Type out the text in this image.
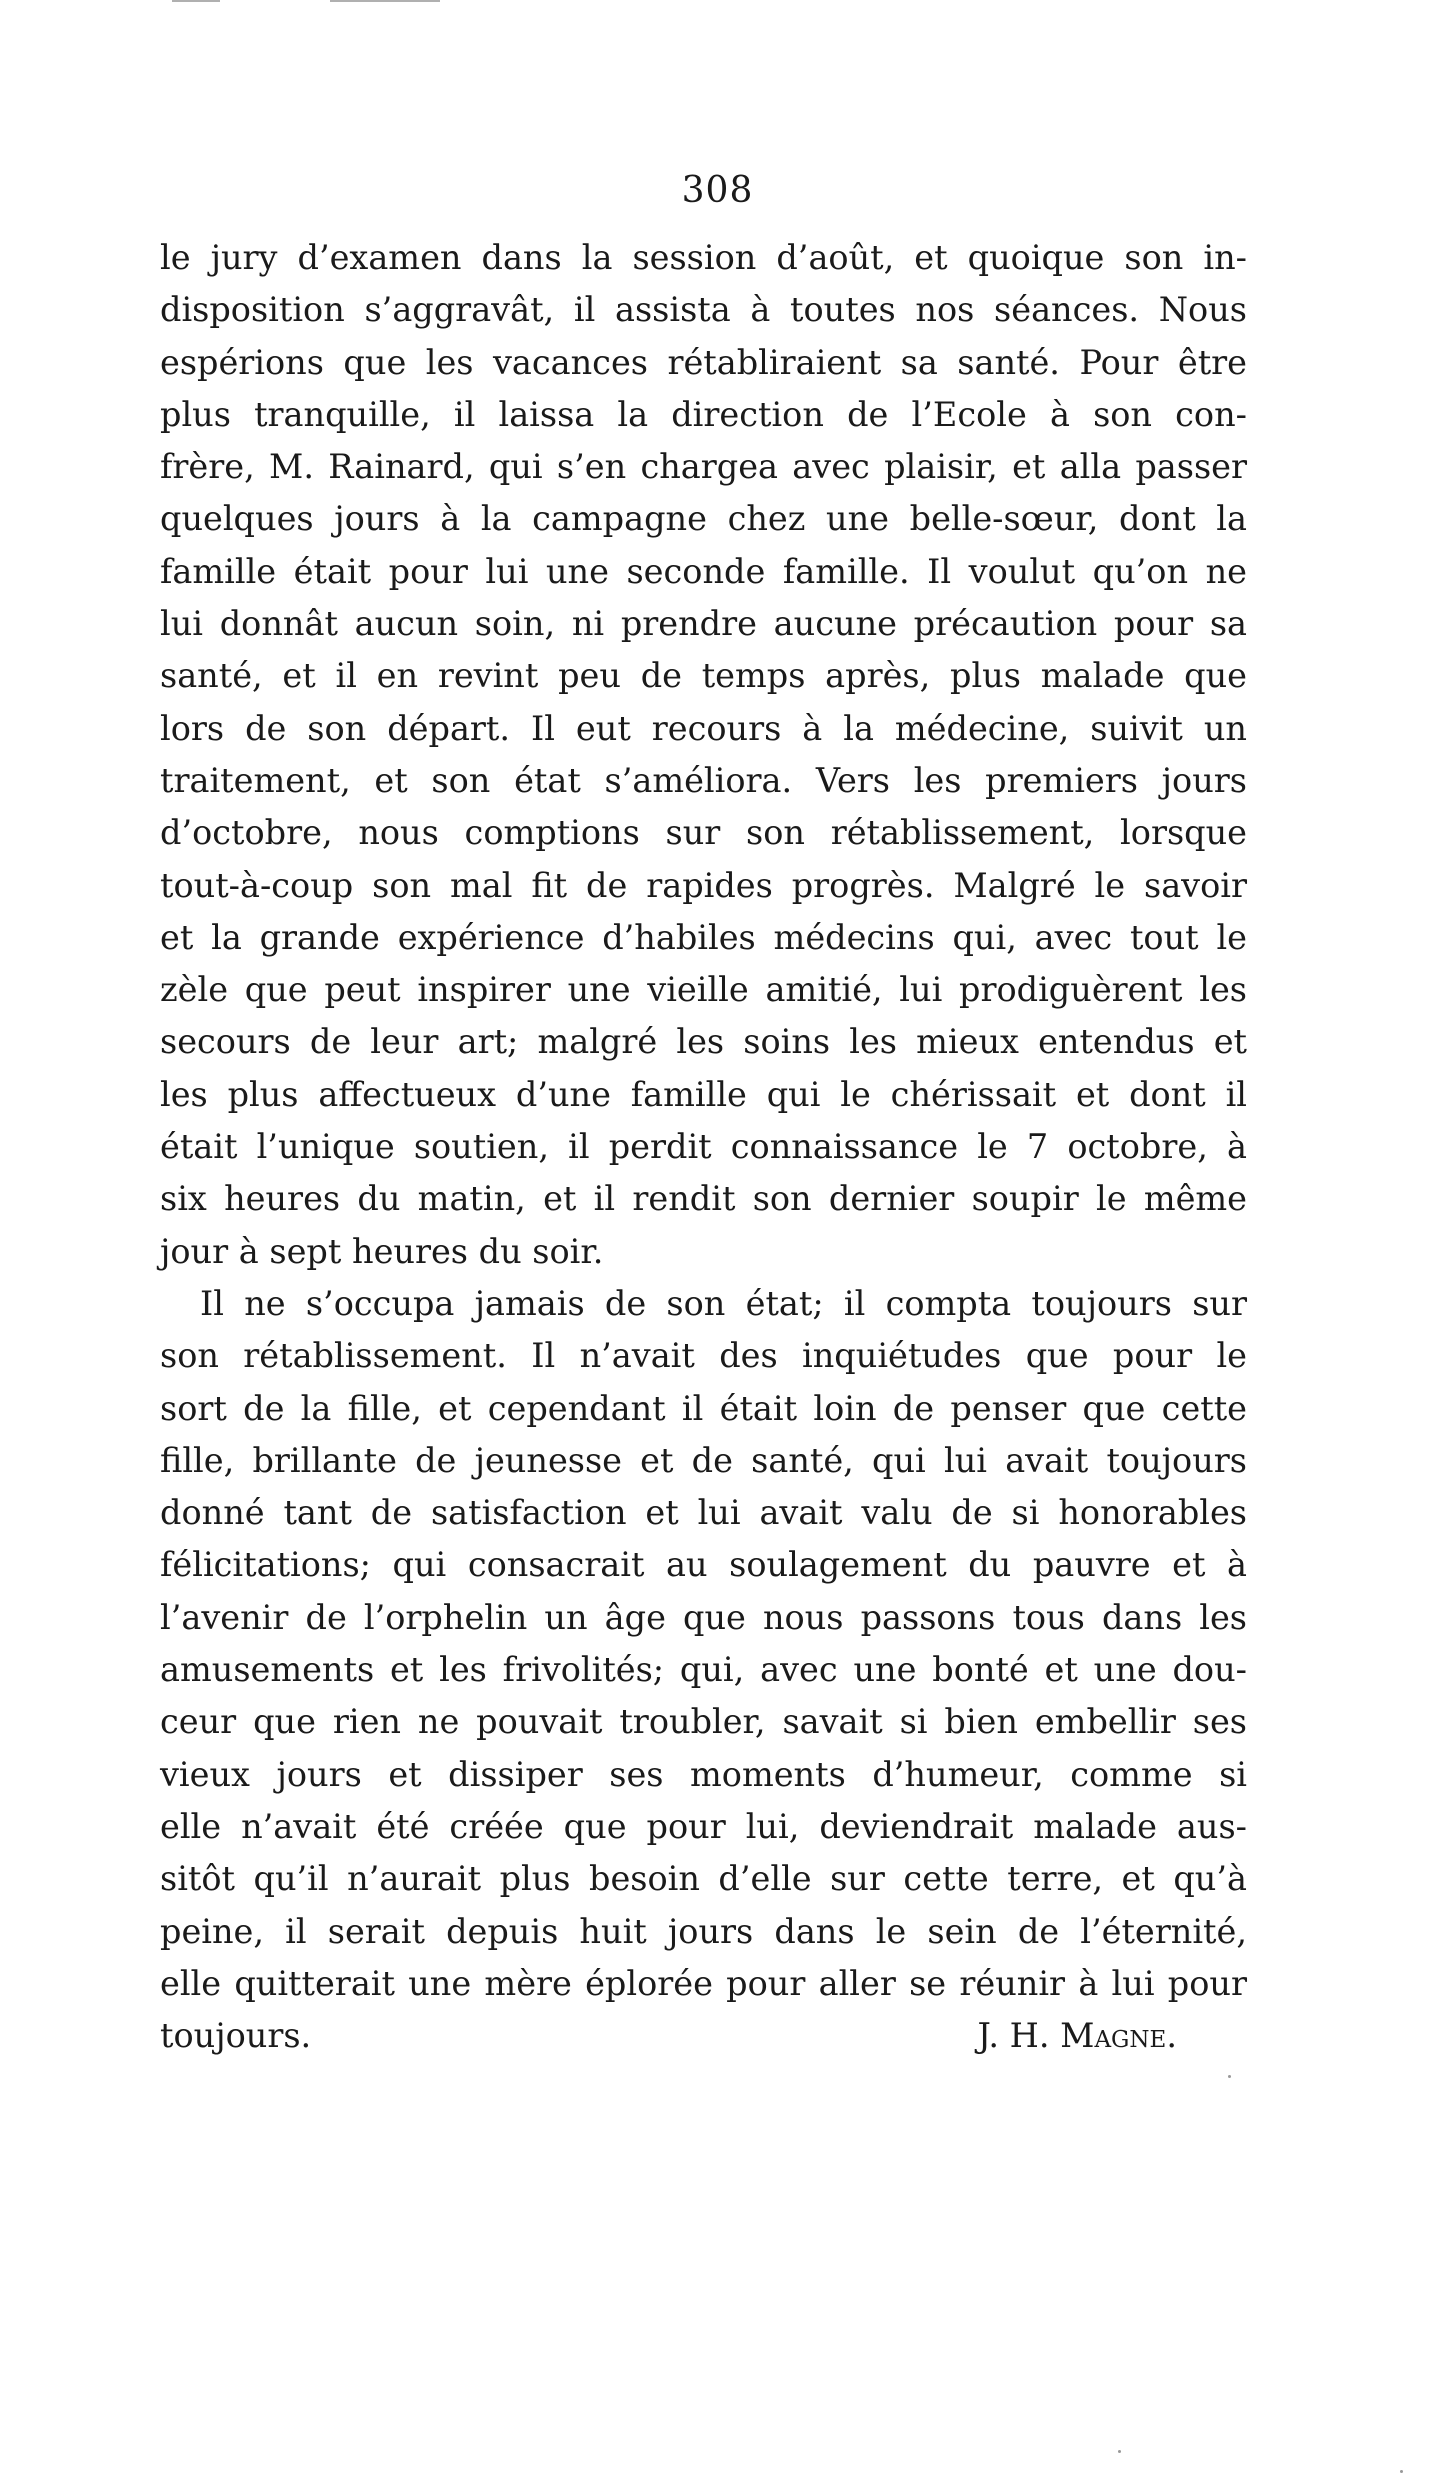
308
le jury d’examen dans la session d’août, et quoique son in-
disposition s’aggravât, il assista à toutes nos séances. Nous
espérions que les vacances rétabliraient sa santé. Pour être
plus tranquille, il laissa la direction de l’Ecole à son con-
frère, M. Rainard, qui s’en chargea avec plaisir, et alla passer
quelques jours à la campagne chez une belle-sœur, dont la
famille était pour lui une seconde famille. Il voulut qu’on ne
lui donnât aucun soin, ni prendre aucune précaution pour sa
santé, et il en revint peu de temps après, plus malade que
lors de son départ. Il eut recours à la médecine, suivit un
traitement, et son état s’améliora. Vers les premiers jours
d’octobre, nous comptions sur son rétablissement, lorsque
tout-à-coup son mal fit de rapides progrès. Malgré le savoir
et la grande expérience d’habiles médecins qui, avec tout le
zèle que peut inspirer une vieille amitié, lui prodiguèrent les
secours de leur art; malgré les soins les mieux entendus et
les plus affectueux d’une famille qui le chérissait et dont il
était l’unique soutien, il perdit connaissance le 7 octobre, à
six heures du matin, et il rendit son dernier soupir le même
jour à sept heures du soir.
Il ne s’occupa jamais de son état; il compta toujours sur
son rétablissement. Il n’avait des inquiétudes que pour le
sort de la fille, et cependant il était loin de penser que cette
fille, brillante de jeunesse et de santé, qui lui avait toujours
donné tant de satisfaction et lui avait valu de si honorables
félicitations; qui consacrait au soulagement du pauvre et à
l’avenir de l’orphelin un âge que nous passons tous dans les
amusements et les frivolités; qui, avec une bonté et une dou-
ceur que rien ne pouvait troubler, savait si bien embellir ses
vieux jours et dissiper ses moments d’humeur, comme si
elle n’avait été créée que pour lui, deviendrait malade aus-
sitôt qu’il n’aurait plus besoin d’elle sur cette terre, et qu’à
peine, il serait depuis huit jours dans le sein de l’éternité,
elle quitterait une mère éplorée pour aller se réunir à lui pour
toujours.	J. H. Magne.
